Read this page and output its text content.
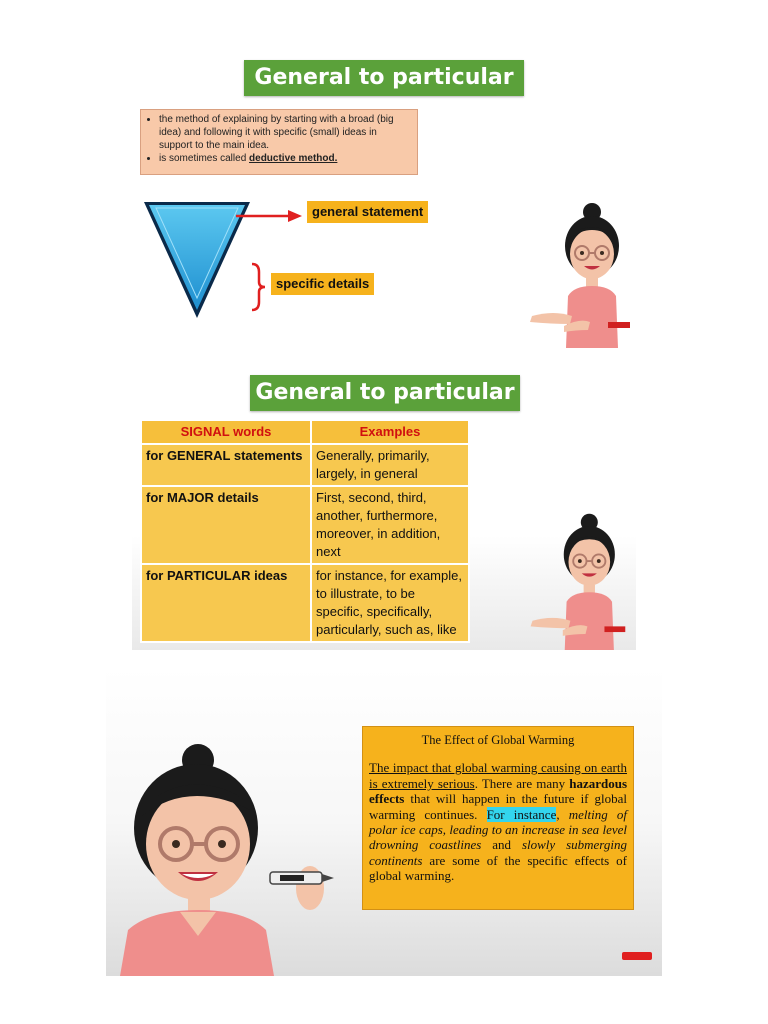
General to particular
• the method of explaining by starting with a broad (big idea) and following it with specific (small) ideas in support to the main idea.
• is sometimes called deductive method.
general statement
specific details
General to particular
SIGNAL words	Examples
for GENERAL statements	Generally, primarily, largely, in general
for MAJOR details	First, second, third, another, furthermore, moreover, in addition, next
for PARTICULAR ideas	for instance, for example, to illustrate, to be specific, specifically, particularly, such as, like
The Effect of Global Warming
The impact that global warming causing on earth is extremely serious. There are many hazardous effects that will happen in the future if global warming continues. For instance, melting of polar ice caps, leading to an increase in sea level drowning coastlines and slowly submerging continents are some of the specific effects of global warming.
